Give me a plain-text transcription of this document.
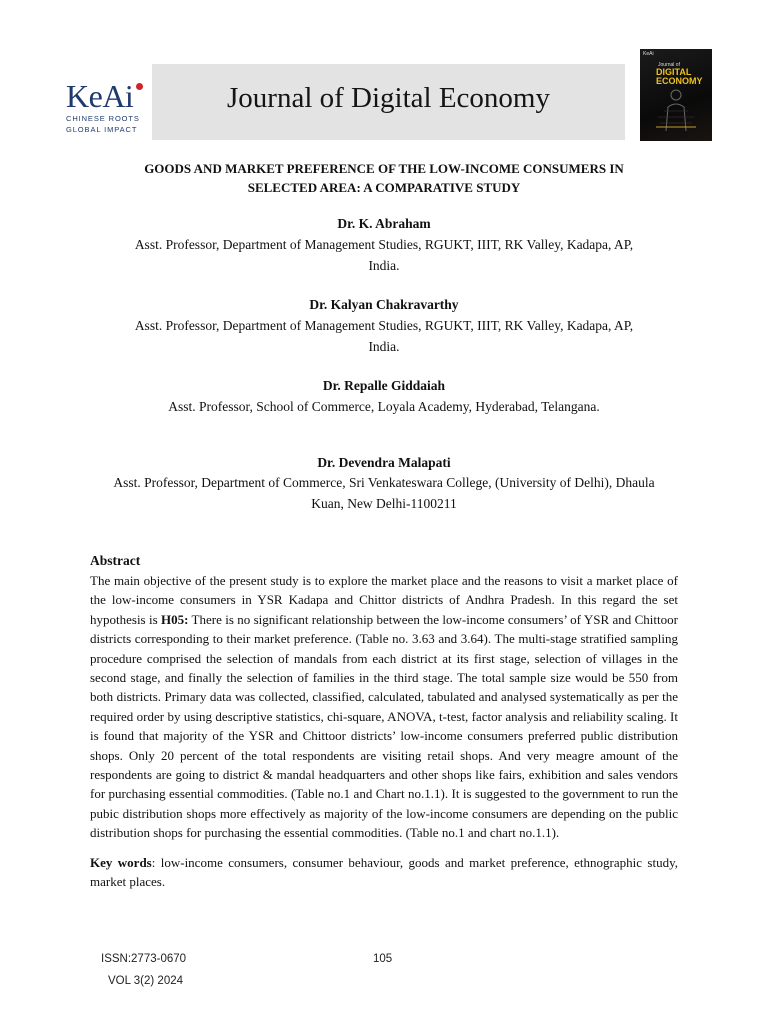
KeAi
CHINESE ROOTS
GLOBAL IMPACT
Journal of Digital Economy
KeAi
Journal of
DIGITAL
ECONOMY
GOODS AND MARKET PREFERENCE OF THE LOW-INCOME CONSUMERS IN
SELECTED AREA: A COMPARATIVE STUDY
Dr. K. Abraham
Asst. Professor, Department of Management Studies, RGUKT, IIIT, RK Valley, Kadapa, AP,
India.
Dr. Kalyan Chakravarthy
Asst. Professor, Department of Management Studies, RGUKT, IIIT, RK Valley, Kadapa, AP,
India.
Dr. Repalle Giddaiah
Asst. Professor, School of Commerce, Loyala Academy, Hyderabad, Telangana.
Dr. Devendra Malapati
Asst. Professor, Department of Commerce, Sri Venkateswara College, (University of Delhi), Dhaula
Kuan, New Delhi-1100211
Abstract

The main objective of the present study is to explore the market place and the reasons to visit a market place of the low-income consumers in YSR Kadapa and Chittor districts of Andhra Pradesh. In this regard the set hypothesis is H05: There is no significant relationship between the low-income consumers’ of YSR and Chittoor districts corresponding to their market preference. (Table no. 3.63 and 3.64). The multi-stage stratified sampling procedure comprised the selection of mandals from each district at its first stage, selection of villages in the second stage, and finally the selection of families in the third stage. The total sample size would be 550 from both districts. Primary data was collected, classified, calculated, tabulated and analysed systematically as per the required order by using descriptive statistics, chi-square, ANOVA, t-test, factor analysis and reliability scaling. It is found that majority of the YSR and Chittoor districts’ low-income consumers preferred public distribution shops. Only 20 percent of the total respondents are visiting retail shops. And very meagre amount of the respondents are going to district & mandal headquarters and other shops like fairs, exhibition and sales vendors for purchasing essential commodities. (Table no.1 and Chart no.1.1). It is suggested to the government to run the pubic distribution shops more effectively as majority of the low-income consumers are depending on the public distribution shops for purchasing the essential commodities. (Table no.1 and chart no.1.1).

Key words: low-income consumers, consumer behaviour, goods and market preference, ethnographic study, market places.

ISSN:2773-0670	105
VOL 3(2) 2024
